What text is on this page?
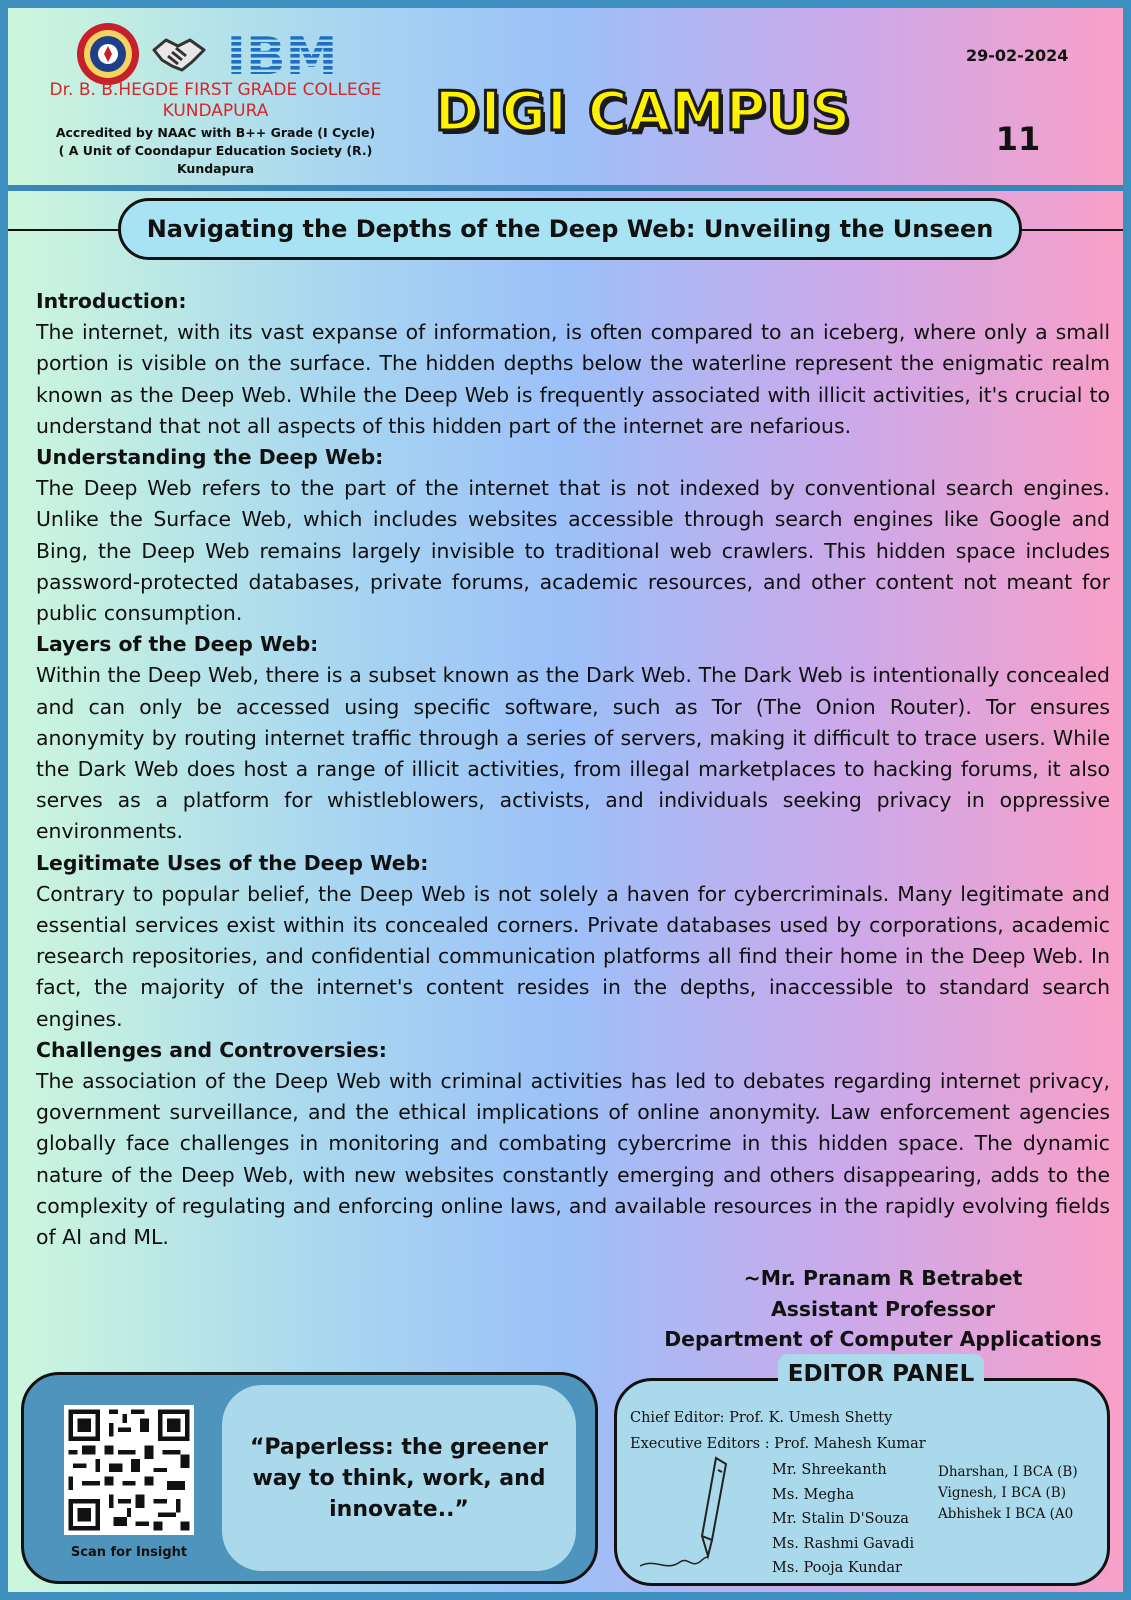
IBM
Dr. B. B.HEGDE FIRST GRADE COLLEGE
KUNDAPURA
Accredited by NAAC with B++ Grade (I Cycle)
( A Unit of Coondapur Education Society (R.)
Kundapura
DIGI CAMPUS
29-02-2024
11
Navigating the Depths of the Deep Web: Unveiling the Unseen
Introduction:

The internet, with its vast expanse of information, is often compared to an iceberg, where only a small portion is visible on the surface. The hidden depths below the waterline represent the enigmatic realm known as the Deep Web. While the Deep Web is frequently associated with illicit activities, it's crucial to understand that not all aspects of this hidden part of the internet are nefarious.

Understanding the Deep Web:

The Deep Web refers to the part of the internet that is not indexed by conventional search engines. Unlike the Surface Web, which includes websites accessible through search engines like Google and Bing, the Deep Web remains largely invisible to traditional web crawlers. This hidden space includes password-protected databases, private forums, academic resources, and other content not meant for public consumption.

Layers of the Deep Web:

Within the Deep Web, there is a subset known as the Dark Web. The Dark Web is intentionally concealed and can only be accessed using specific software, such as Tor (The Onion Router). Tor ensures anonymity by routing internet traffic through a series of servers, making it difficult to trace users. While the Dark Web does host a range of illicit activities, from illegal marketplaces to hacking forums, it also serves as a platform for whistleblowers, activists, and individuals seeking privacy in oppressive environments.

Legitimate Uses of the Deep Web:

Contrary to popular belief, the Deep Web is not solely a haven for cybercriminals. Many legitimate and essential services exist within its concealed corners. Private databases used by corporations, academic research repositories, and confidential communication platforms all find their home in the Deep Web. In fact, the majority of the internet's content resides in the depths, inaccessible to standard search engines.

Challenges and Controversies:

The association of the Deep Web with criminal activities has led to debates regarding internet privacy, government surveillance, and the ethical implications of online anonymity. Law enforcement agencies globally face challenges in monitoring and combating cybercrime in this hidden space. The dynamic nature of the Deep Web, with new websites constantly emerging and others disappearing, adds to the complexity of regulating and enforcing online laws, and available resources in the rapidly evolving fields of AI and ML.

~Mr. Pranam R Betrabet
Assistant Professor
Department of Computer Applications
Scan for Insight
“Paperless: the greener way to think, work, and innovate..”
EDITOR PANEL
Chief Editor: Prof. K. Umesh Shetty
Executive Editors : Prof. Mahesh Kumar
Mr. Shreekanth
Ms. Megha
Mr. Stalin D'Souza
Ms. Rashmi Gavadi
Ms. Pooja Kundar
Dharshan, I BCA (B)
Vignesh, I BCA (B)
Abhishek I BCA (A0
